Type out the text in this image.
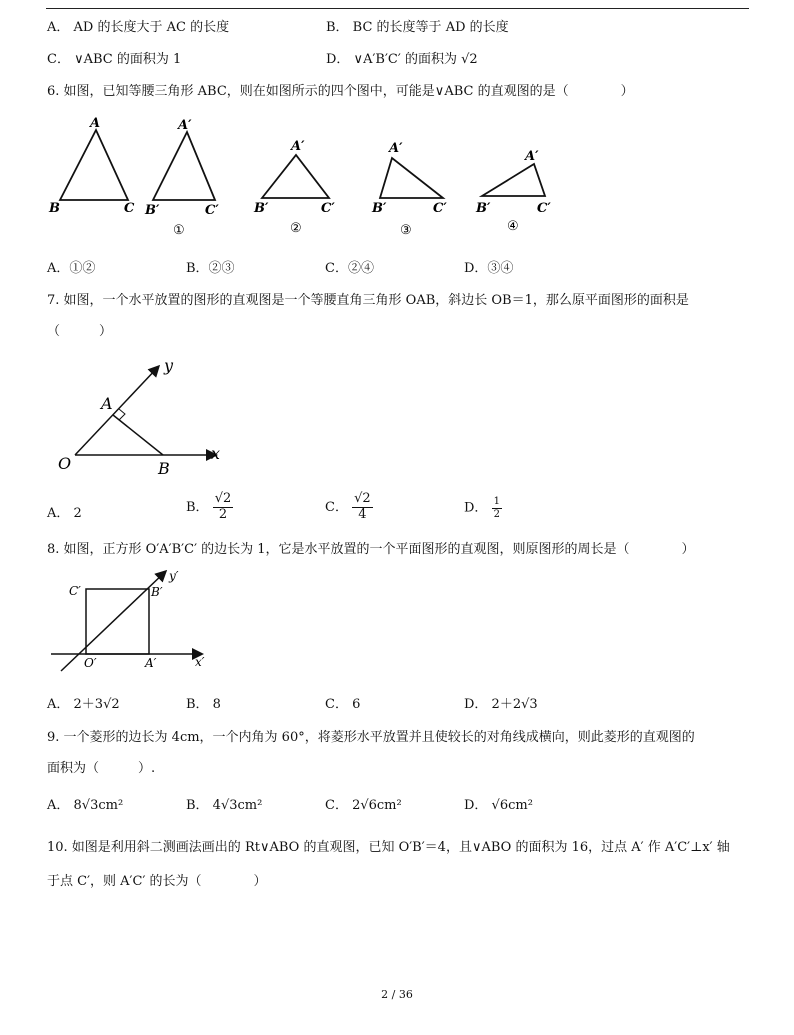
A． AD 的长度大于 AC 的长度	B． BC 的长度等于 AD 的长度
C． ∨ABC 的面积为 1	D． ∨A′B′C′ 的面积为 √2
6. 如图，已知等腰三角形 ABC，则在如图所示的四个图中，可能是∨ABC 的直观图的是（　　　　）
A
B	C
A′
B′	C′
①
A′
B′	C′
②
A′
B′	C′
③
A′
B′	C′
④
A．①②	B．②③	C．②④	D．③④
7. 如图，一个水平放置的图形的直观图是一个等腰直角三角形 OAB，斜边长 OB＝1，那么原平面图形的面积是
（　　　）
y
x
A
O	B
A． 2	B． $\frac{√2}{2}$	C． $\frac{√2}{4}$	D． $\frac{1}{2}$
8. 如图，正方形 O′A′B′C′ 的边长为 1，它是水平放置的一个平面图形的直观图，则原图形的周长是（　　　　）
y′
x′
C′	B′
O′	A′
A． 2＋3√2	B． 8	C． 6	D． 2＋2√3
9. 一个菱形的边长为 4cm，一个内角为 60°，将菱形水平放置并且使较长的对角线成横向，则此菱形的直观图的
面积为（　　　）.
A． 8√3cm²	B． 4√3cm²	C． 2√6cm²	D． √6cm²
10. 如图是利用斜二测画法画出的 Rt∨ABO 的直观图，已知 O′B′＝4，且∨ABO 的面积为 16，过点 A′ 作 A′C′⊥x′ 轴
于点 C′，则 A′C′ 的长为（　　　　）
2 / 36
